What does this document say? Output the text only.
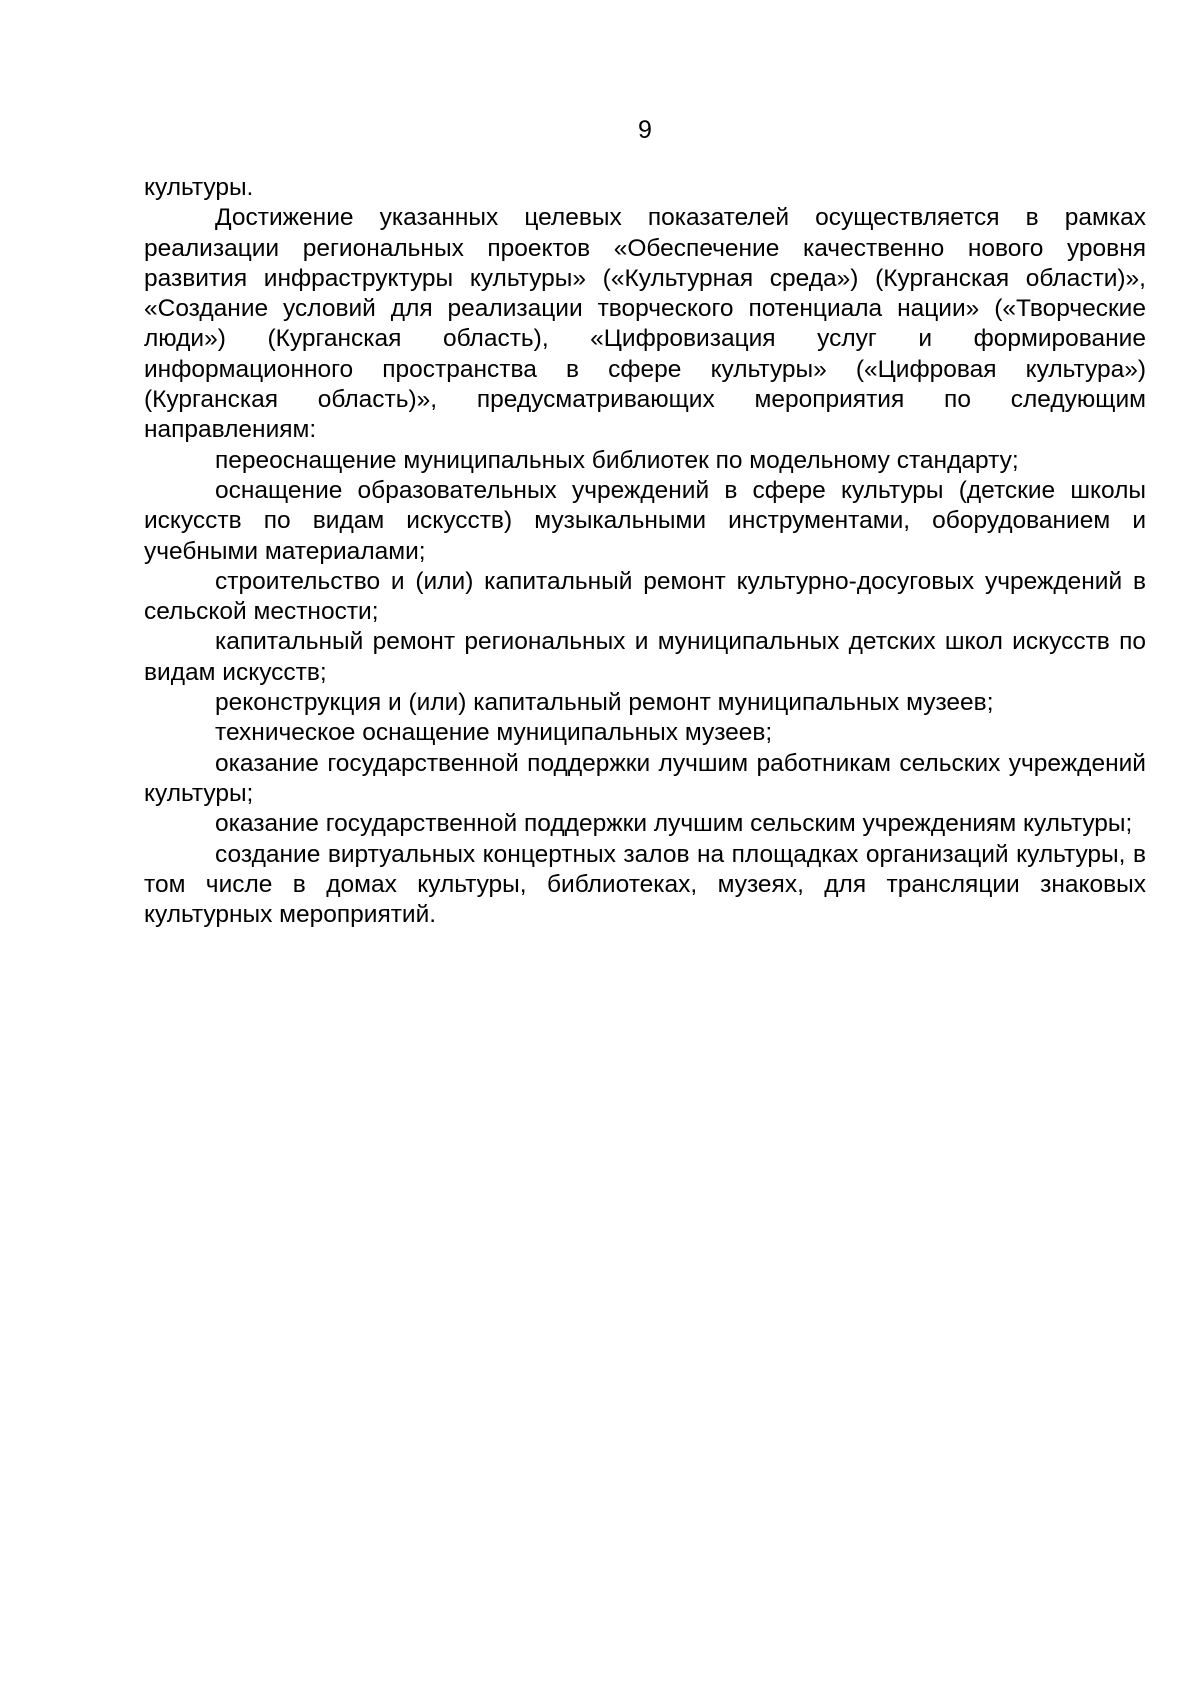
9

культуры.

Достижение указанных целевых показателей осуществляется в рамках реализации региональных проектов «Обеспечение качественно нового уровня развития инфраструктуры культуры» («Культурная среда») (Курганская области)», «Создание условий для реализации творческого потенциала нации» («Творческие люди») (Курганская область), «Цифровизация услуг и формирование информационного пространства в сфере культуры» («Цифровая культура») (Курганская область)», предусматривающих мероприятия по следующим направлениям:

переоснащение муниципальных библиотек по модельному стандарту;

оснащение образовательных учреждений в сфере культуры (детские школы искусств по видам искусств) музыкальными инструментами, оборудованием и учебными материалами;

строительство и (или) капитальный ремонт культурно-досуговых учреждений в сельской местности;

капитальный ремонт региональных и муниципальных детских школ искусств по видам искусств;

реконструкция и (или) капитальный ремонт муниципальных музеев;

техническое оснащение муниципальных музеев;

оказание государственной поддержки лучшим работникам сельских учреждений культуры;

оказание государственной поддержки лучшим сельским учреждениям культуры;

создание виртуальных концертных залов на площадках организаций культуры, в том числе в домах культуры, библиотеках, музеях, для трансляции знаковых культурных мероприятий.
